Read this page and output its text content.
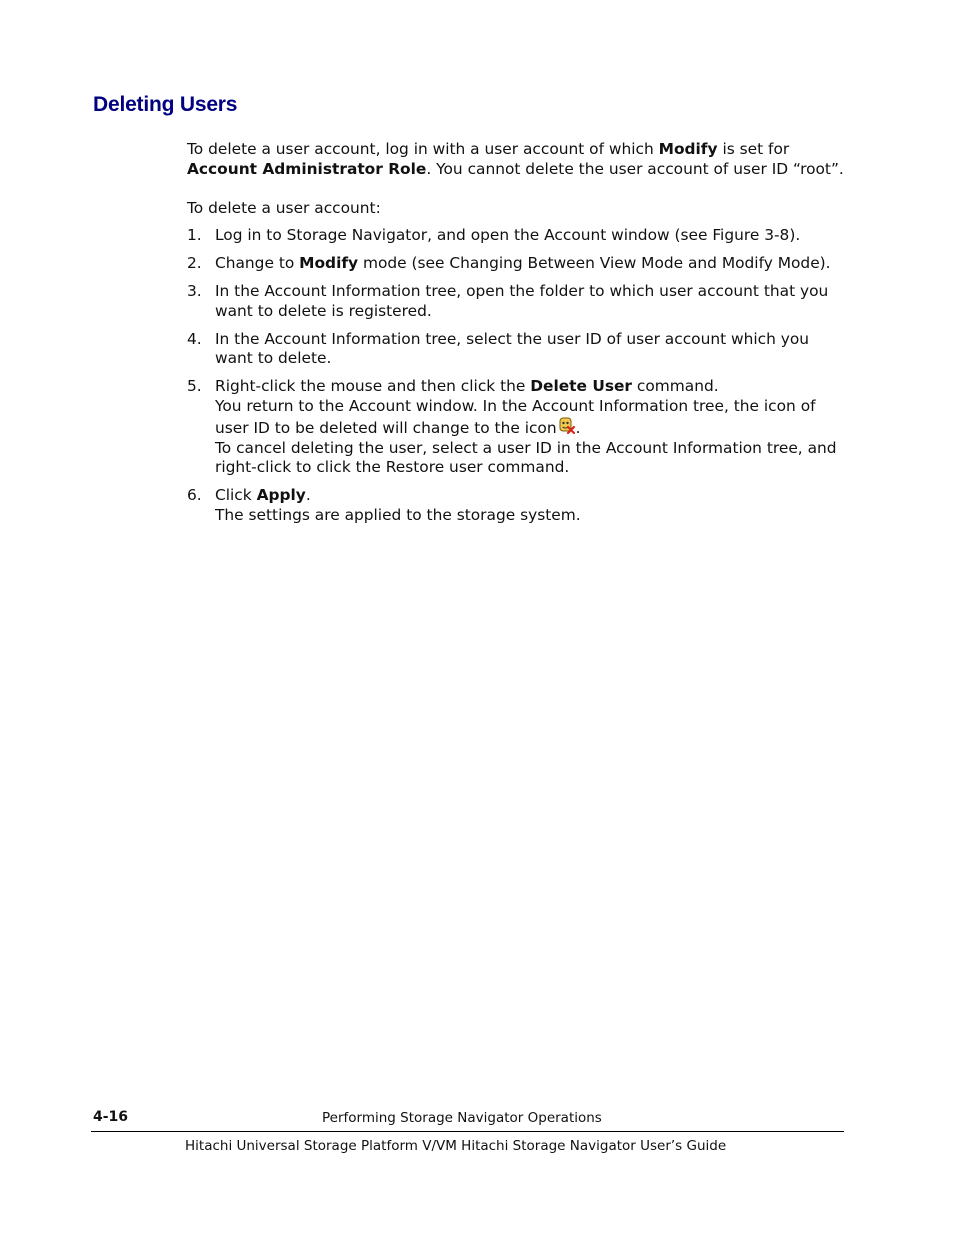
Deleting Users

To delete a user account, log in with a user account of which Modify is set for Account Administrator Role. You cannot delete the user account of user ID “root”.

To delete a user account:

1. Log in to Storage Navigator, and open the Account window (see Figure 3-8).
2. Change to Modify mode (see Changing Between View Mode and Modify Mode).
3. In the Account Information tree, open the folder to which user account that you want to delete is registered.
4. In the Account Information tree, select the user ID of user account which you want to delete.
5. Right-click the mouse and then click the Delete User command.
You return to the Account window. In the Account Information tree, the icon of user ID to be deleted will change to the icon .
To cancel deleting the user, select a user ID in the Account Information tree, and right-click to click the Restore user command.
6. Click Apply.
The settings are applied to the storage system.
4-16	Performing Storage Navigator Operations
Hitachi Universal Storage Platform V/VM Hitachi Storage Navigator User’s Guide
